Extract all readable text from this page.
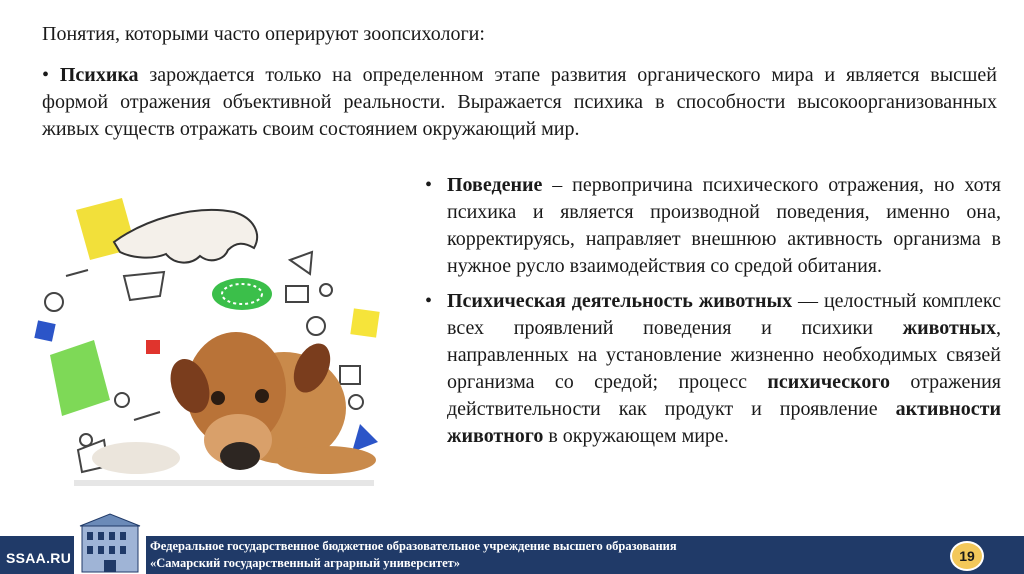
Понятия, которыми часто оперируют зоопсихологи:
• Психика зарождается только на определенном этапе развития органического мира и является высшей формой отражения объективной реальности. Выражается психика в способности высокоорганизованных живых существ отражать своим состоянием окружающий мир.
• Поведение – первопричина психического отражения, но хотя психика и является производной поведения, именно она, корректируясь, направляет внешнюю активность организма в нужное русло взаимодействия со средой обитания.
• Психическая деятельность животных — целостный комплекс всех проявлений поведения и психики животных, направленных на установление жизненно необходимых связей организма со средой; процесс психического отражения действительности как продукт и проявление активности животного в окружающем мире.
SSAA.RU
Федеральное государственное бюджетное образовательное учреждение высшего образования
«Самарский государственный аграрный университет»	19
